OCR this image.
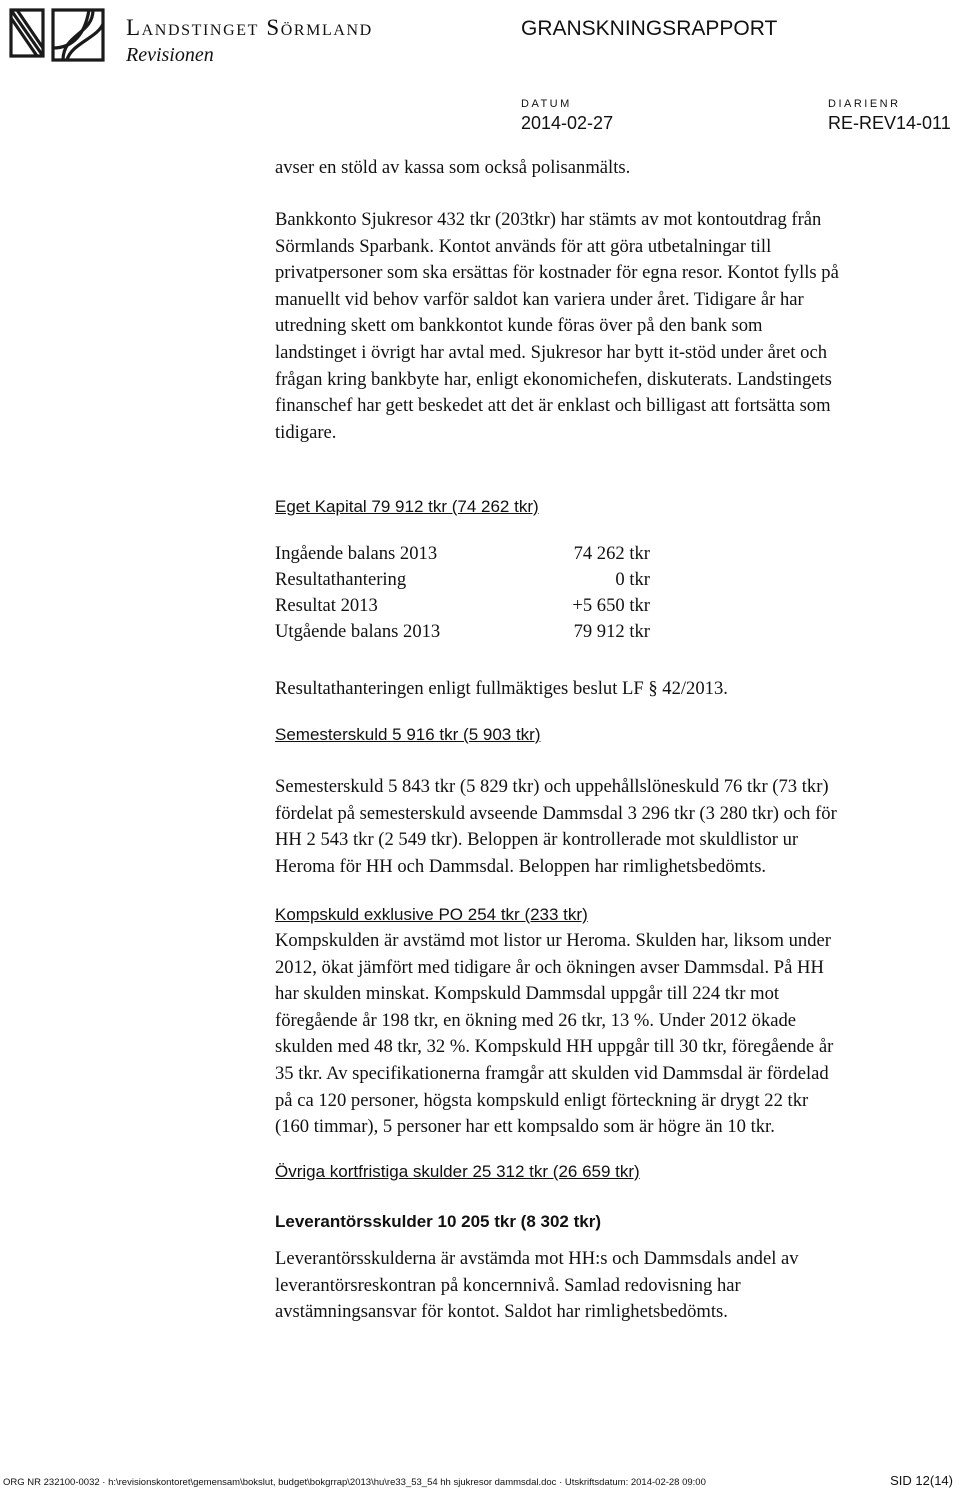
Landstinget Sörmland
Revisionen
GRANSKNINGSRAPPORT
DATUM
2014-02-27
DIARIENR
RE-REV14-011
avser en stöld av kassa som också polisanmälts.
Bankkonto Sjukresor 432 tkr (203tkr) har stämts av mot kontoutdrag från
Sörmlands Sparbank. Kontot används för att göra utbetalningar till
privatpersoner som ska ersättas för kostnader för egna resor. Kontot fylls på
manuellt vid behov varför saldot kan variera under året. Tidigare år har
utredning skett om bankkontot kunde föras över på den bank som
landstinget i övrigt har avtal med. Sjukresor har bytt it-stöd under året och
frågan kring bankbyte har, enligt ekonomichefen, diskuterats. Landstingets
finanschef har gett beskedet att det är enklast och billigast att fortsätta som
tidigare.
Eget Kapital 79 912 tkr (74 262 tkr)
Ingående balans 2013	74 262 tkr
Resultathantering	0 tkr
Resultat 2013	+5 650 tkr
Utgående balans 2013	79 912 tkr
Resultathanteringen enligt fullmäktiges beslut LF § 42/2013.
Semesterskuld 5 916 tkr (5 903 tkr)
Semesterskuld 5 843 tkr (5 829 tkr) och uppehållslöneskuld 76 tkr (73 tkr)
fördelat på semesterskuld avseende Dammsdal 3 296 tkr (3 280 tkr) och för
HH 2 543 tkr (2 549 tkr). Beloppen är kontrollerade mot skuldlistor ur
Heroma för HH och Dammsdal. Beloppen har rimlighetsbedömts.
Kompskuld exklusive PO 254 tkr (233 tkr)
Kompskulden är avstämd mot listor ur Heroma. Skulden har, liksom under
2012, ökat jämfört med tidigare år och ökningen avser Dammsdal. På HH
har skulden minskat. Kompskuld Dammsdal uppgår till 224 tkr mot
föregående år 198 tkr, en ökning med 26 tkr, 13 %. Under 2012 ökade
skulden med 48 tkr, 32 %. Kompskuld HH uppgår till 30 tkr, föregående år
35 tkr. Av specifikationerna framgår att skulden vid Dammsdal är fördelad
på ca 120 personer, högsta kompskuld enligt förteckning är drygt 22 tkr
(160 timmar), 5 personer har ett kompsaldo som är högre än 10 tkr.
Övriga kortfristiga skulder 25 312 tkr (26 659 tkr)
Leverantörsskulder 10 205 tkr (8 302 tkr)
Leverantörsskulderna är avstämda mot HH:s och Dammsdals andel av
leverantörsreskontran på koncernnivå. Samlad redovisning har
avstämningsansvar för kontot. Saldot har rimlighetsbedömts.
ORG NR 232100-0032 · h:\revisionskontoret\gemensam\bokslut, budget\bokgrrap\2013\hu\re33_53_54 hh sjukresor dammsdal.doc · Utskriftsdatum: 2014-02-28 09:00	SID 12(14)
